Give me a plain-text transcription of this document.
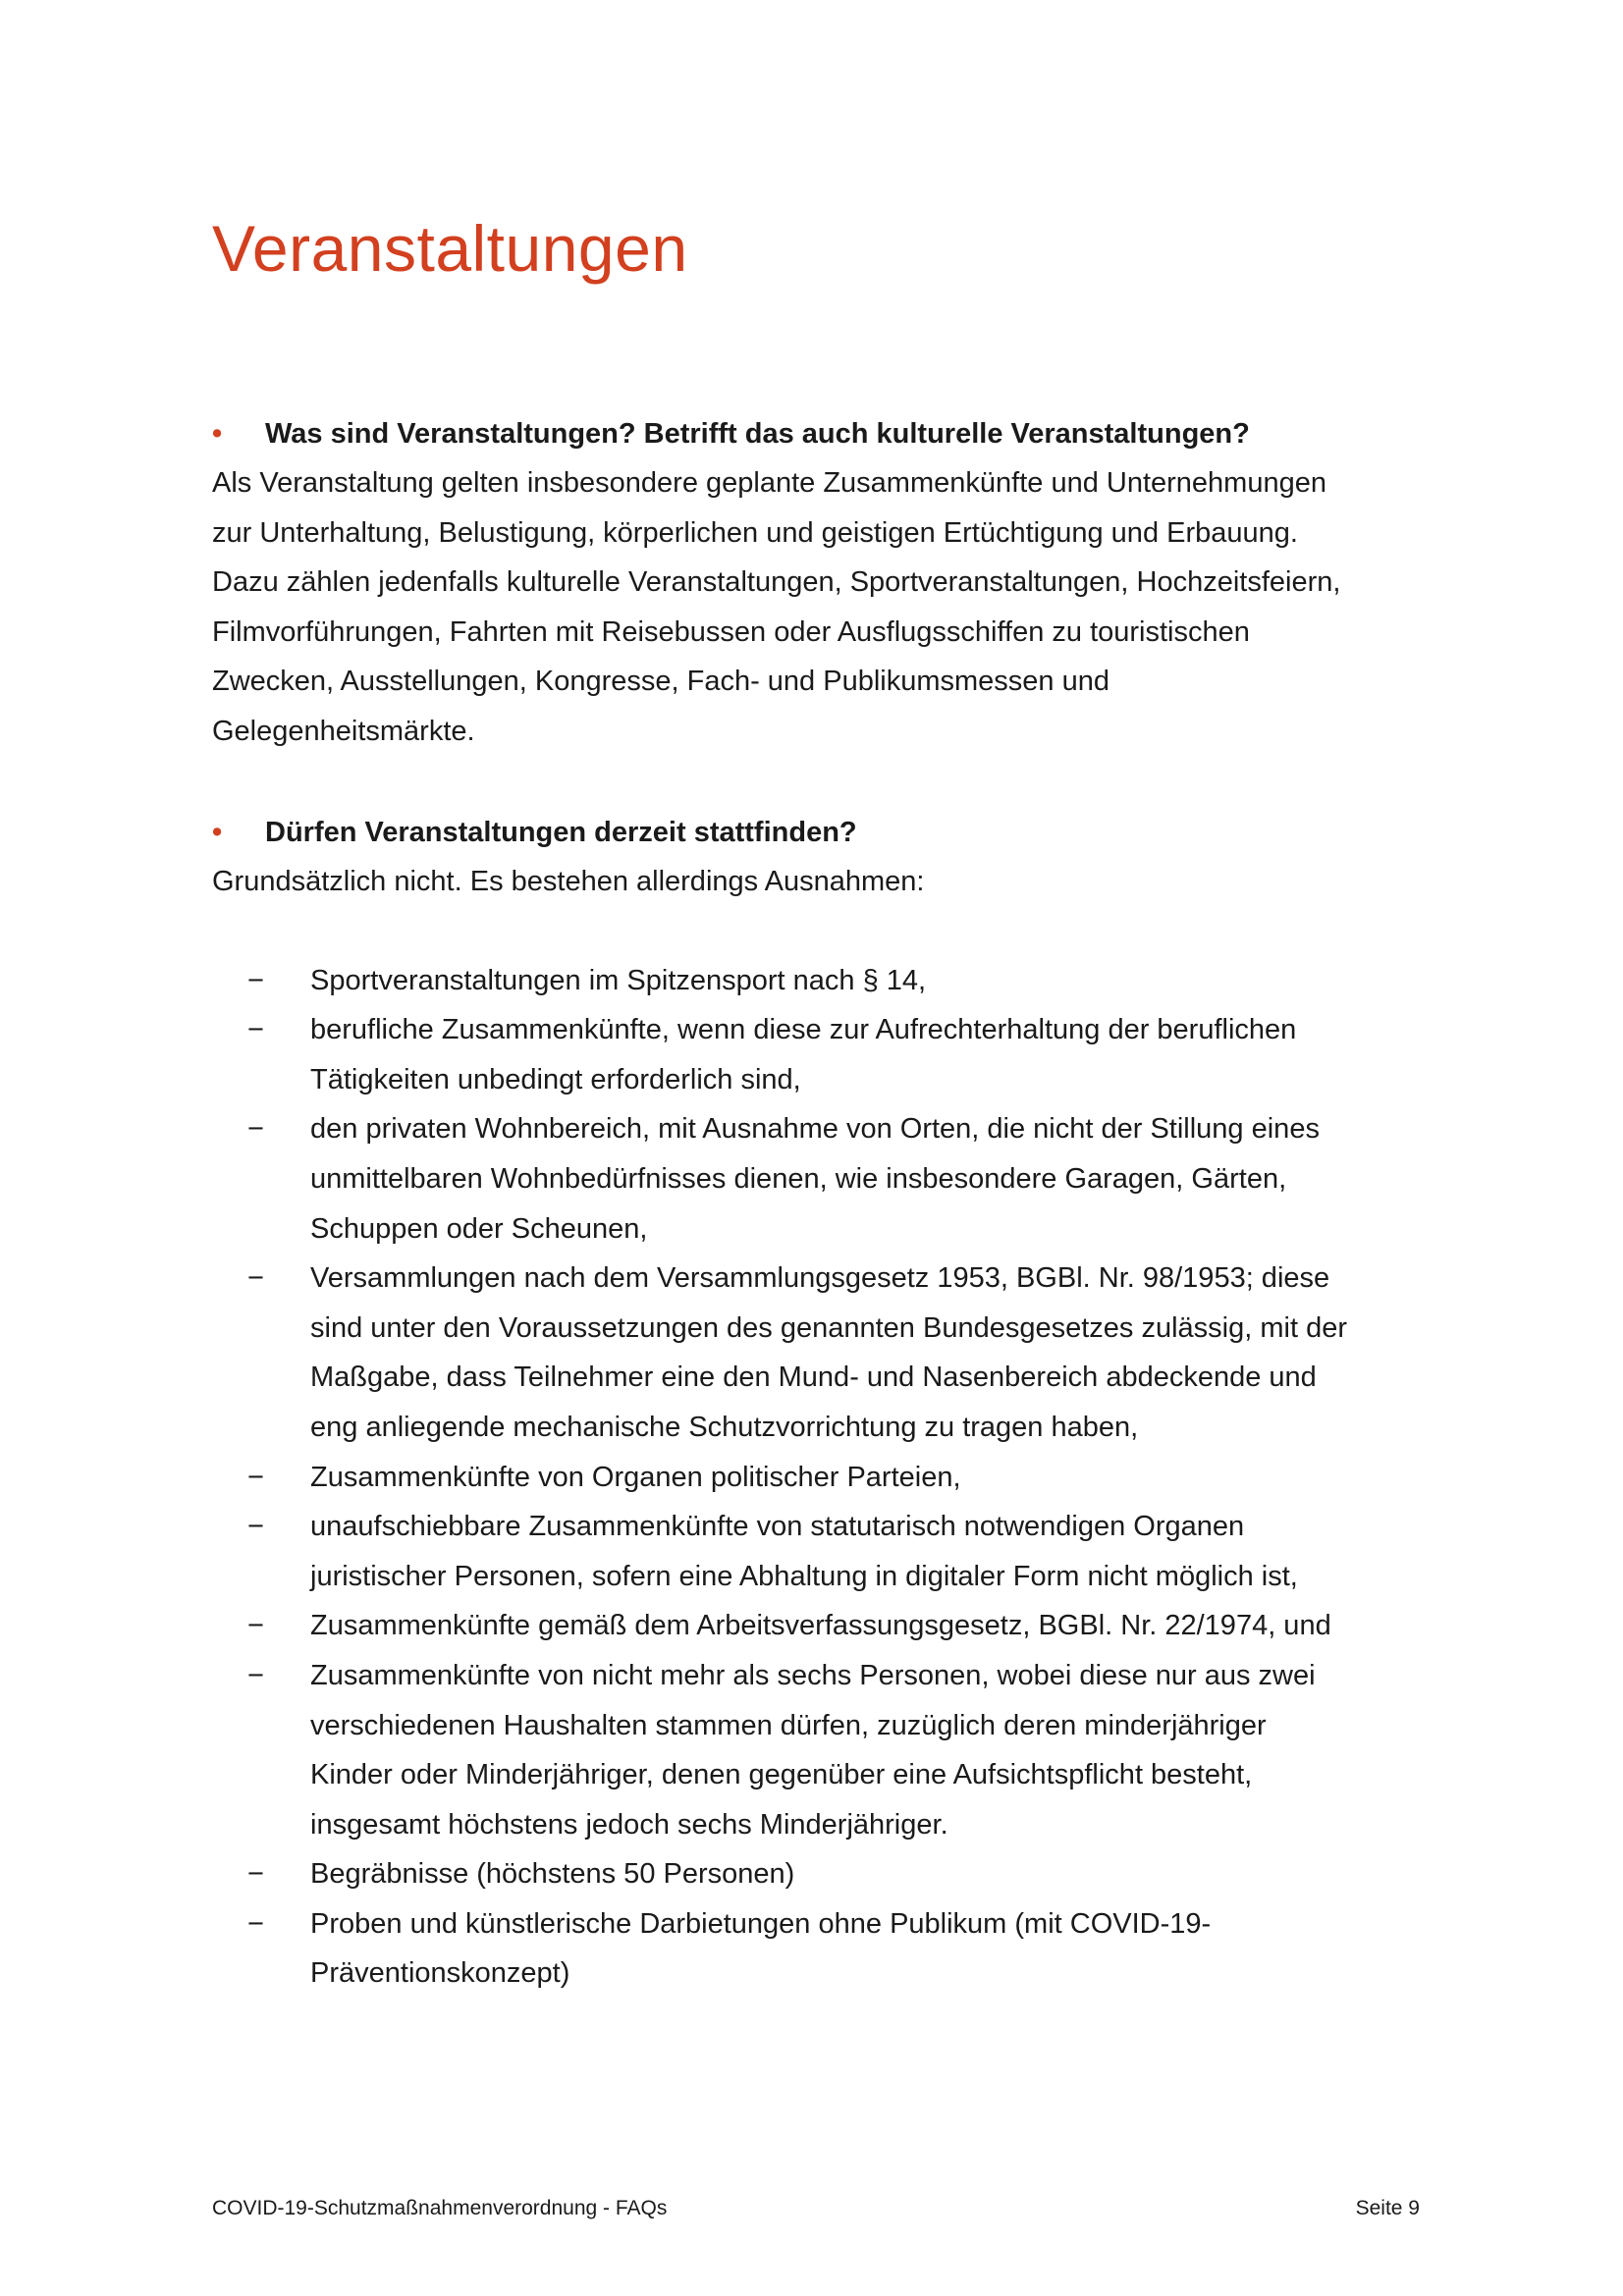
Veranstaltungen

•	Was sind Veranstaltungen? Betrifft das auch kulturelle Veranstaltungen?

Als Veranstaltung gelten insbesondere geplante Zusammenkünfte und Unternehmungen

zur Unterhaltung, Belustigung, körperlichen und geistigen Ertüchtigung und Erbauung.

Dazu zählen jedenfalls kulturelle Veranstaltungen, Sportveranstaltungen, Hochzeitsfeiern,

Filmvorführungen, Fahrten mit Reisebussen oder Ausflugsschiffen zu touristischen

Zwecken, Ausstellungen, Kongresse, Fach- und Publikumsmessen und

Gelegenheitsmärkte.

•	Dürfen Veranstaltungen derzeit stattfinden?

Grundsätzlich nicht. Es bestehen allerdings Ausnahmen:

−	Sportveranstaltungen im Spitzensport nach § 14,
−	berufliche Zusammenkünfte, wenn diese zur Aufrechterhaltung der beruflichen
Tätigkeiten unbedingt erforderlich sind,
−	den privaten Wohnbereich, mit Ausnahme von Orten, die nicht der Stillung eines
unmittelbaren Wohnbedürfnisses dienen, wie insbesondere Garagen, Gärten,
Schuppen oder Scheunen,
−	Versammlungen nach dem Versammlungsgesetz 1953, BGBl. Nr. 98/1953; diese
sind unter den Voraussetzungen des genannten Bundesgesetzes zulässig, mit der
Maßgabe, dass Teilnehmer eine den Mund- und Nasenbereich abdeckende und
eng anliegende mechanische Schutzvorrichtung zu tragen haben,
−	Zusammenkünfte von Organen politischer Parteien,
−	unaufschiebbare Zusammenkünfte von statutarisch notwendigen Organen
juristischer Personen, sofern eine Abhaltung in digitaler Form nicht möglich ist,
−	Zusammenkünfte gemäß dem Arbeitsverfassungsgesetz, BGBl. Nr. 22/1974, und
−	Zusammenkünfte von nicht mehr als sechs Personen, wobei diese nur aus zwei
verschiedenen Haushalten stammen dürfen, zuzüglich deren minderjähriger
Kinder oder Minderjähriger, denen gegenüber eine Aufsichtspflicht besteht,
insgesamt höchstens jedoch sechs Minderjähriger.
−	Begräbnisse (höchstens 50 Personen)
−	Proben und künstlerische Darbietungen ohne Publikum (mit COVID-19-
Präventionskonzept)
COVID-19-Schutzmaßnahmenverordnung - FAQs	Seite 9
